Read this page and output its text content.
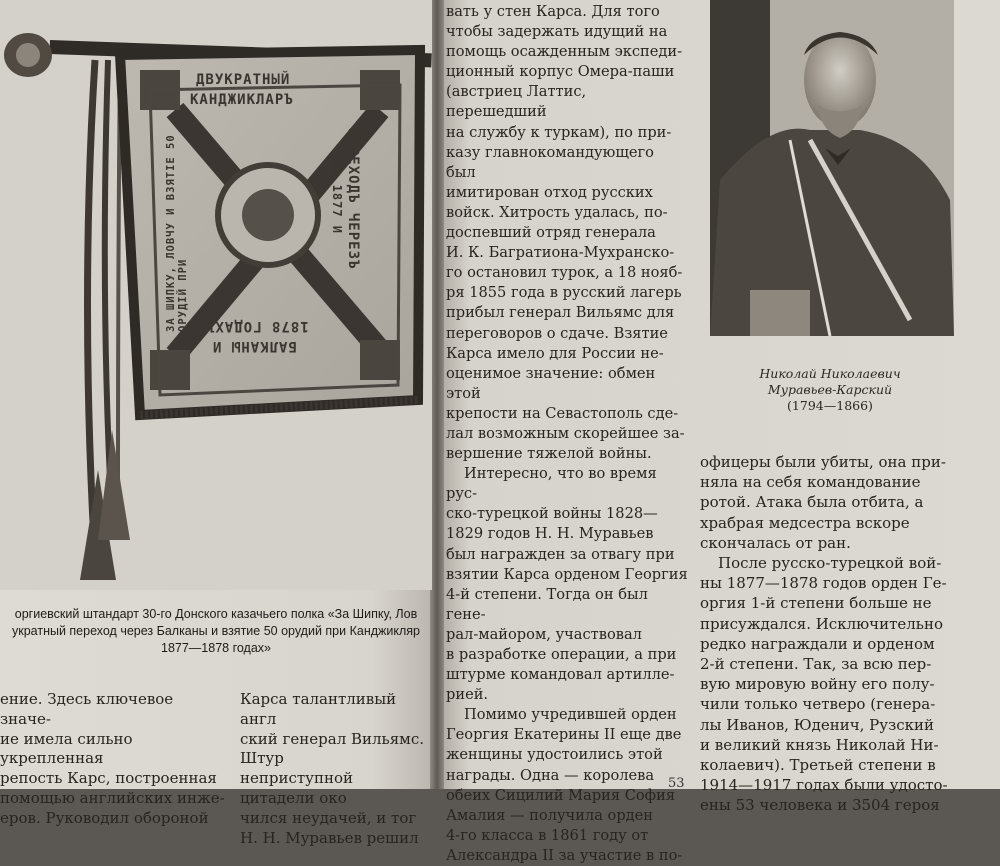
ДВУКРАТНЫЙ
КАНДЖИКЛАРЪ
ПЕРЕХОДЪ ЧЕРЕЗЪ
ВЪ 1877 И
1878 ГОДАХЪ
БАЛКАНЫ И
ЗА ШИПКУ, ЛОВЧУ И ВЗЯТІЕ 50 ОРУДІЙ ПРИ
оргиевский штандарт 30-го Донского казачьего полка «За Шипку, Лов
укратный переход через Балканы и взятие 50 орудий при Канджикляр
1877—1878 годах»

ение. Здесь ключевое значе-

ие имела сильно укрепленная

репость Карс, построенная

помощью английских инже-

еров. Руководил обороной

Карса талантливый англ

ский генерал Вильямс. Штур

неприступной цитадели око

чился неудачей, и тог

Н. Н. Муравьев решил

вать у стен Карса. Для того

чтобы задержать идущий на

помощь осажденным экспеди-

ционный корпус Омера-паши

(австриец Латтис, перешедший

на службу к туркам), по при-

казу главнокомандующего был

имитирован отход русских

войск. Хитрость удалась, по-

доспевший отряд генерала

И. К. Багратиона-Мухранско-

го остановил турок, а 18 нояб-

ря 1855 года в русский лагерь

прибыл генерал Вильямс для

переговоров о сдаче. Взятие

Карса имело для России не-

оценимое значение: обмен этой

крепости на Севастополь сде-

лал возможным скорейшее за-

вершение тяжелой войны.

Интересно, что во время рус-

ско-турецкой войны 1828—

1829 годов Н. Н. Муравьев

был награжден за отвагу при

взятии Карса орденом Георгия

4-й степени. Тогда он был гене-

рал-майором, участвовал

в разработке операции, а при

штурме командовал артилле-

рией.

Помимо учредившей орден

Георгия Екатерины II еще две

женщины удостоились этой

награды. Одна — королева

обеих Сицилий Мария София

Амалия — получила орден

4-го класса в 1861 году от

Александра II за участие в по-

Николай Николаевич
Муравьев-Карский
(1794—1866)

офицеры были убиты, она при-

няла на себя командование

ротой. Атака была отбита, а

храбрая медсестра вскоре

скончалась от ран.

После русско-турецкой вой-

ны 1877—1878 годов орден Ге-

оргия 1-й степени больше не

присуждался. Исключительно

редко награждали и орденом

2-й степени. Так, за всю пер-

вую мировую войну его полу-

чили только четверо (генера-

лы Иванов, Юденич, Рузский

и великий князь Николай Ни-

колаевич). Третьей степени в

1914—1917 годах были удосто-

ены 53 человека и 3504 героя

53
